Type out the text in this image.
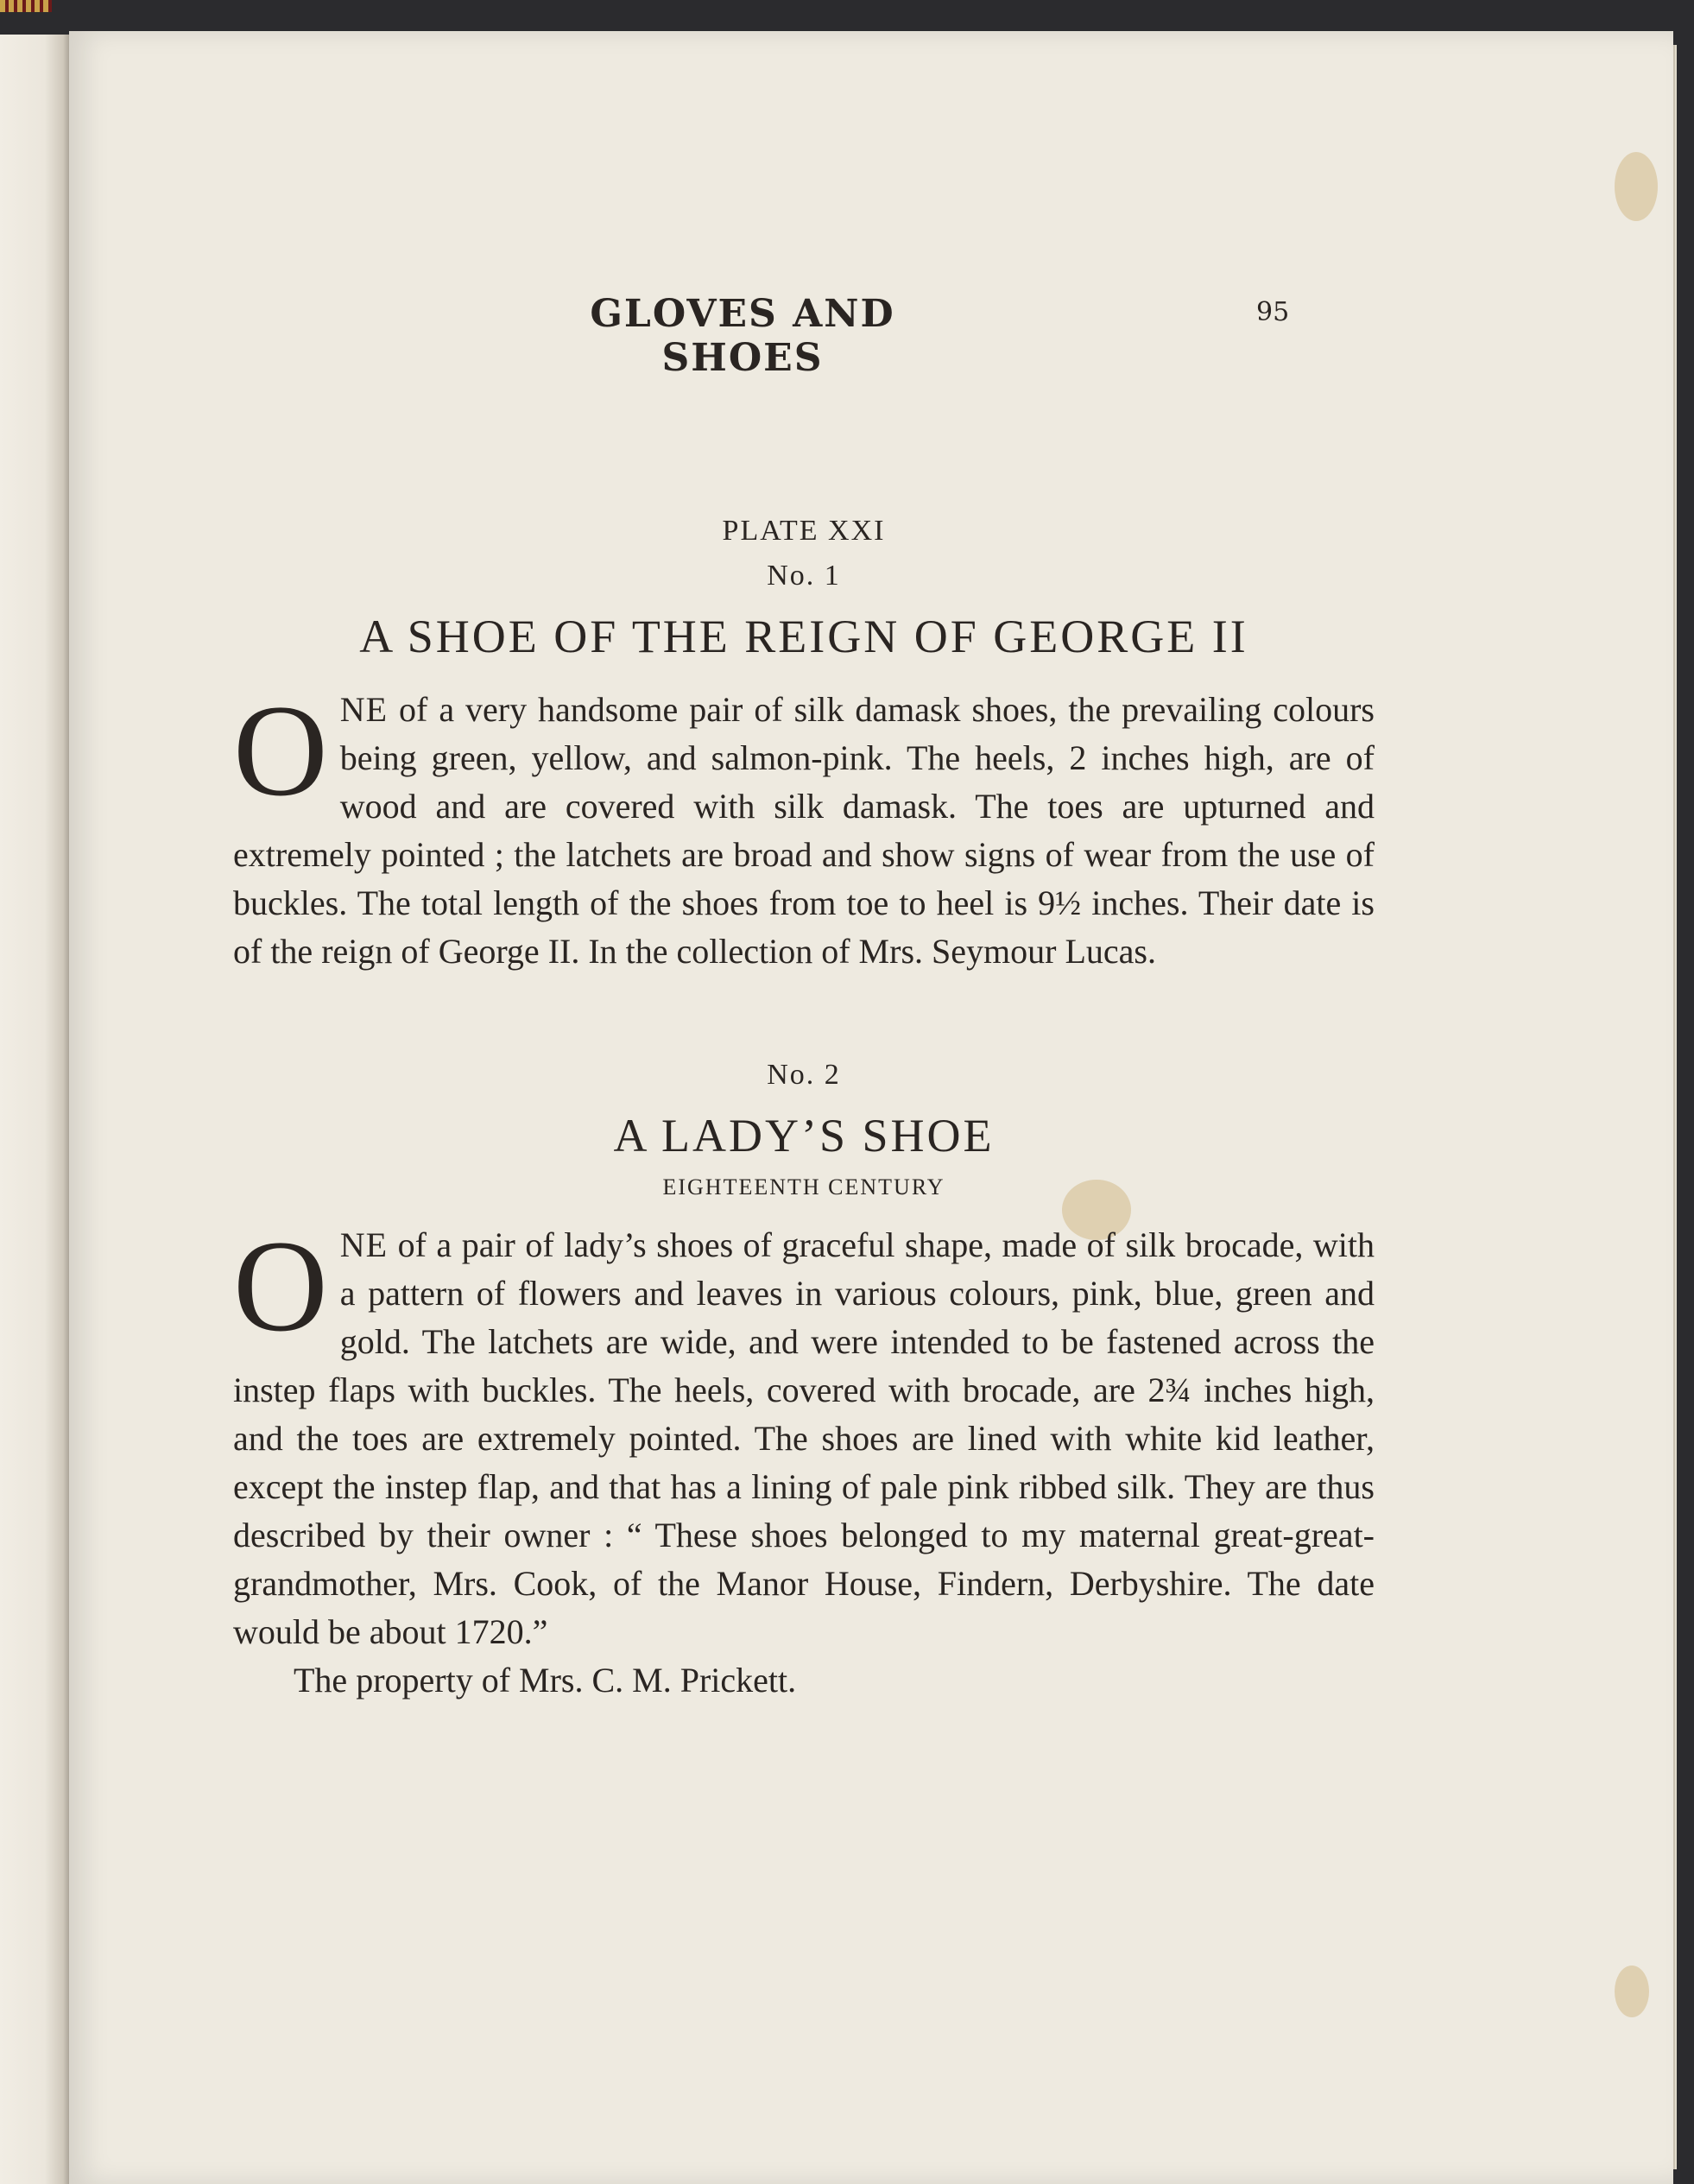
GLOVES AND SHOES
95
PLATE XXI
No. 1
A SHOE OF THE REIGN OF GEORGE II

ONE of a very handsome pair of silk damask shoes, the prevailing colours being green, yellow, and salmon-pink. The heels, 2 inches high, are of wood and are covered with silk damask. The toes are upturned and extremely pointed ; the latchets are broad and show signs of wear from the use of buckles. The total length of the shoes from toe to heel is 9½ inches. Their date is of the reign of George II. In the collection of Mrs. Seymour Lucas.

No. 2
A LADY’S SHOE
EIGHTEENTH CENTURY

ONE of a pair of lady’s shoes of graceful shape, made of silk brocade, with a pattern of flowers and leaves in various colours, pink, blue, green and gold. The latchets are wide, and were intended to be fastened across the instep flaps with buckles. The heels, covered with brocade, are 2¾ inches high, and the toes are extremely pointed. The shoes are lined with white kid leather, except the instep flap, and that has a lining of pale pink ribbed silk. They are thus described by their owner : “ These shoes belonged to my maternal great-great-grandmother, Mrs. Cook, of the Manor House, Findern, Derbyshire. The date would be about 1720.”

The property of Mrs. C. M. Prickett.
